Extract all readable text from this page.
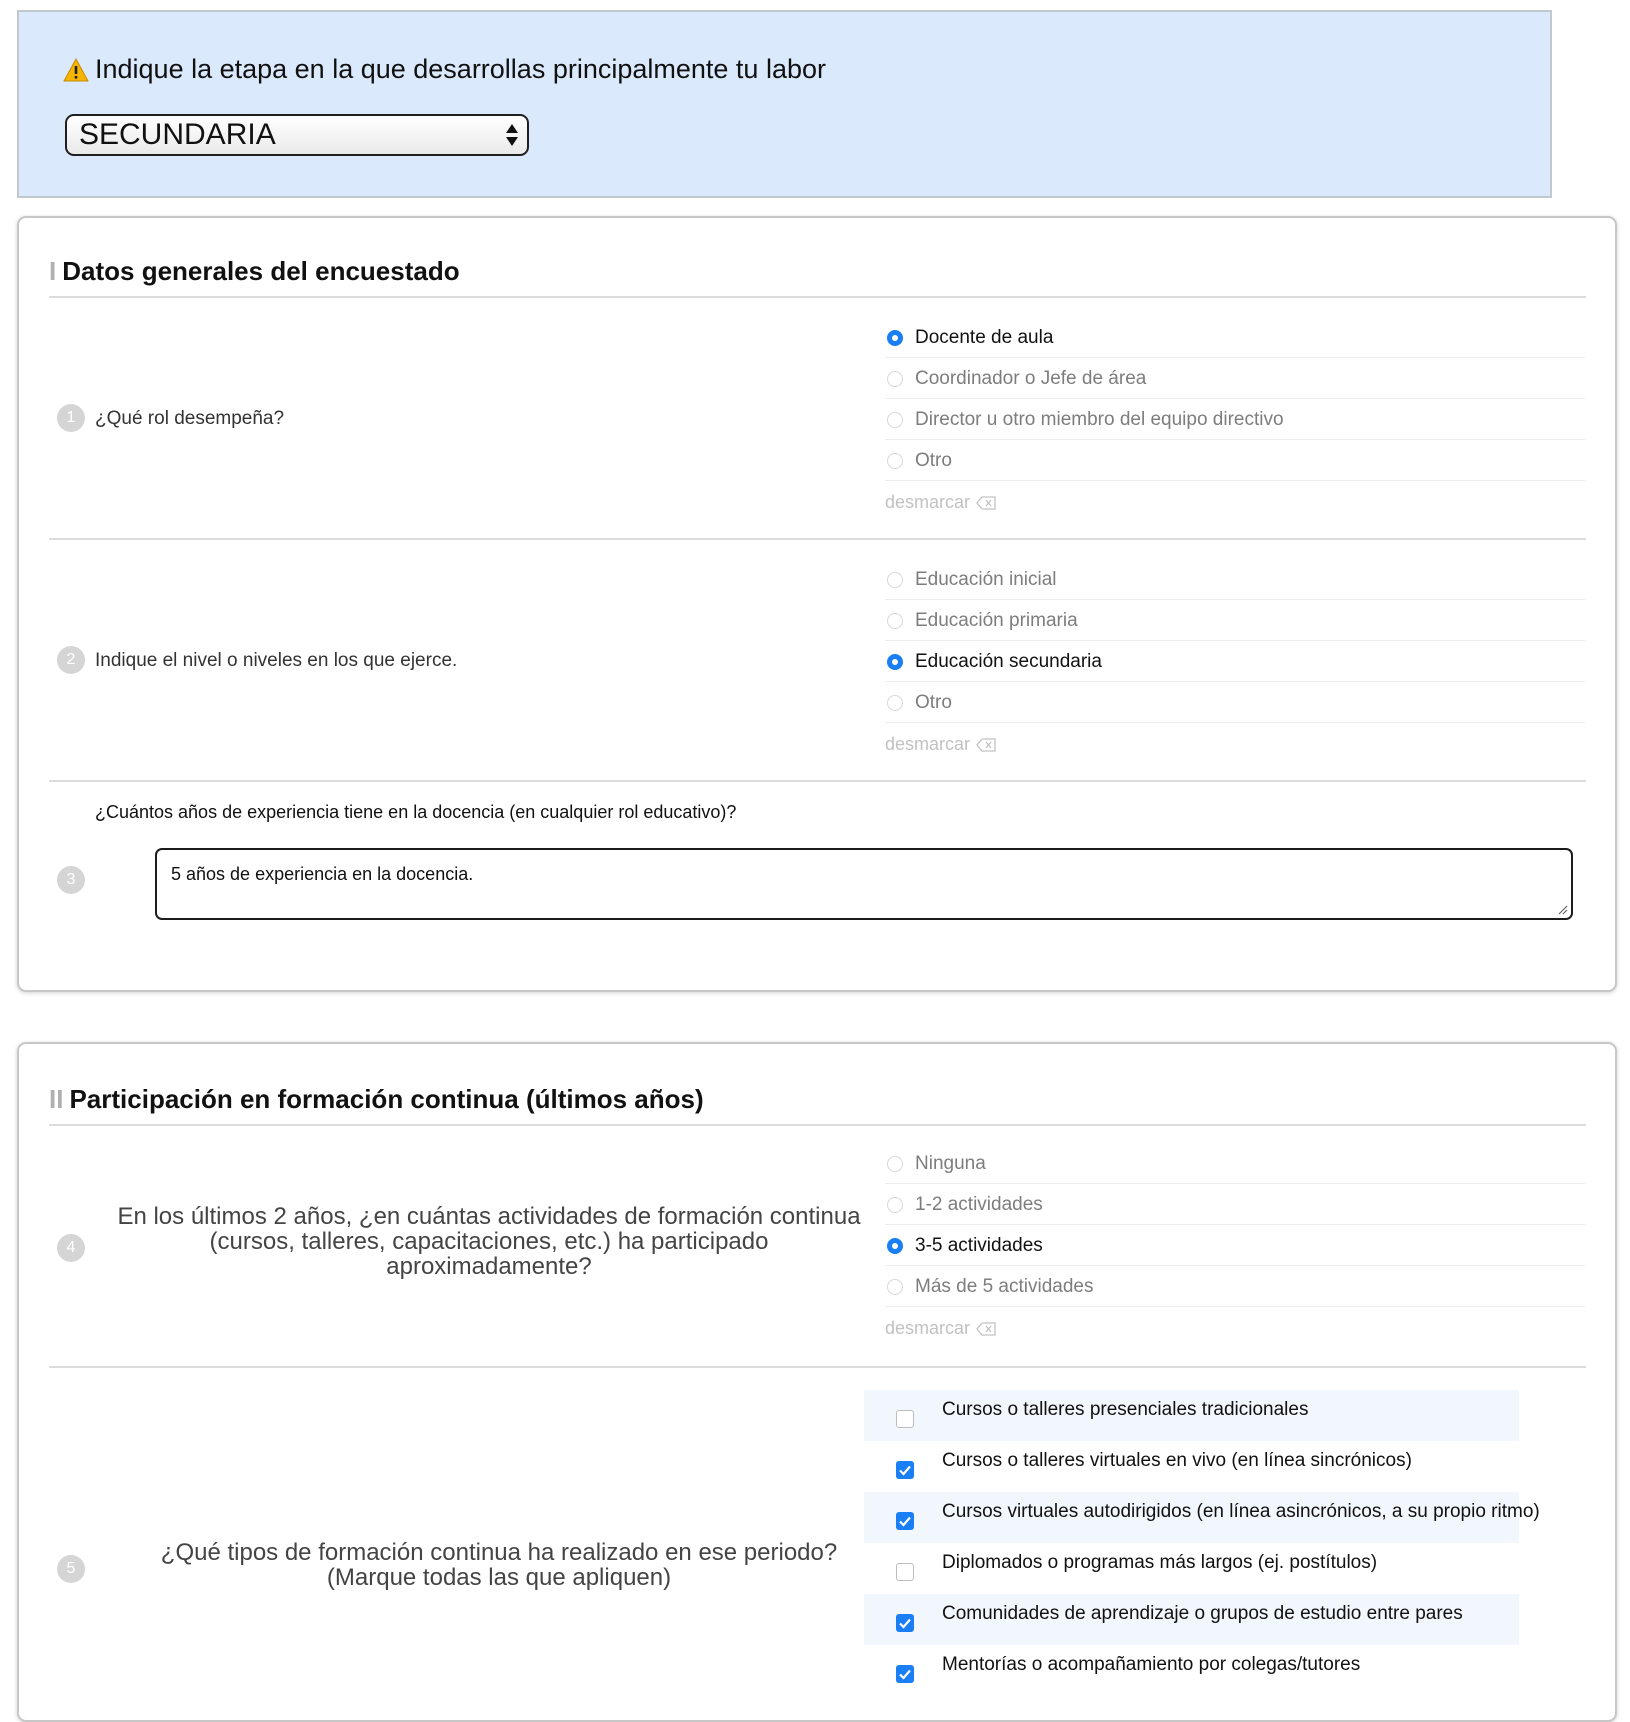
Indique la etapa en la que desarrollas principalmente tu labor
SECUNDARIA
I Datos generales del encuestado
1	¿Qué rol desempeña?
Docente de aula
Coordinador o Jefe de área
Director u otro miembro del equipo directivo
Otro
desmarcar
2	Indique el nivel o niveles en los que ejerce.
Educación inicial
Educación primaria
Educación secundaria
Otro
desmarcar
¿Cuántos años de experiencia tiene en la docencia (en cualquier rol educativo)?
3	5 años de experiencia en la docencia.
II Participación en formación continua (últimos años)
4
En los últimos 2 años, ¿en cuántas actividades de formación continua
(cursos, talleres, capacitaciones, etc.) ha participado
aproximadamente?
Ninguna
1-2 actividades
3-5 actividades
Más de 5 actividades
desmarcar
5
¿Qué tipos de formación continua ha realizado en ese periodo?
(Marque todas las que apliquen)
Cursos o talleres presenciales tradicionales
Cursos o talleres virtuales en vivo (en línea sincrónicos)
Cursos virtuales autodirigidos (en línea asincrónicos, a su propio ritmo)
Diplomados o programas más largos (ej. postítulos)
Comunidades de aprendizaje o grupos de estudio entre pares
Mentorías o acompañamiento por colegas/tutores
